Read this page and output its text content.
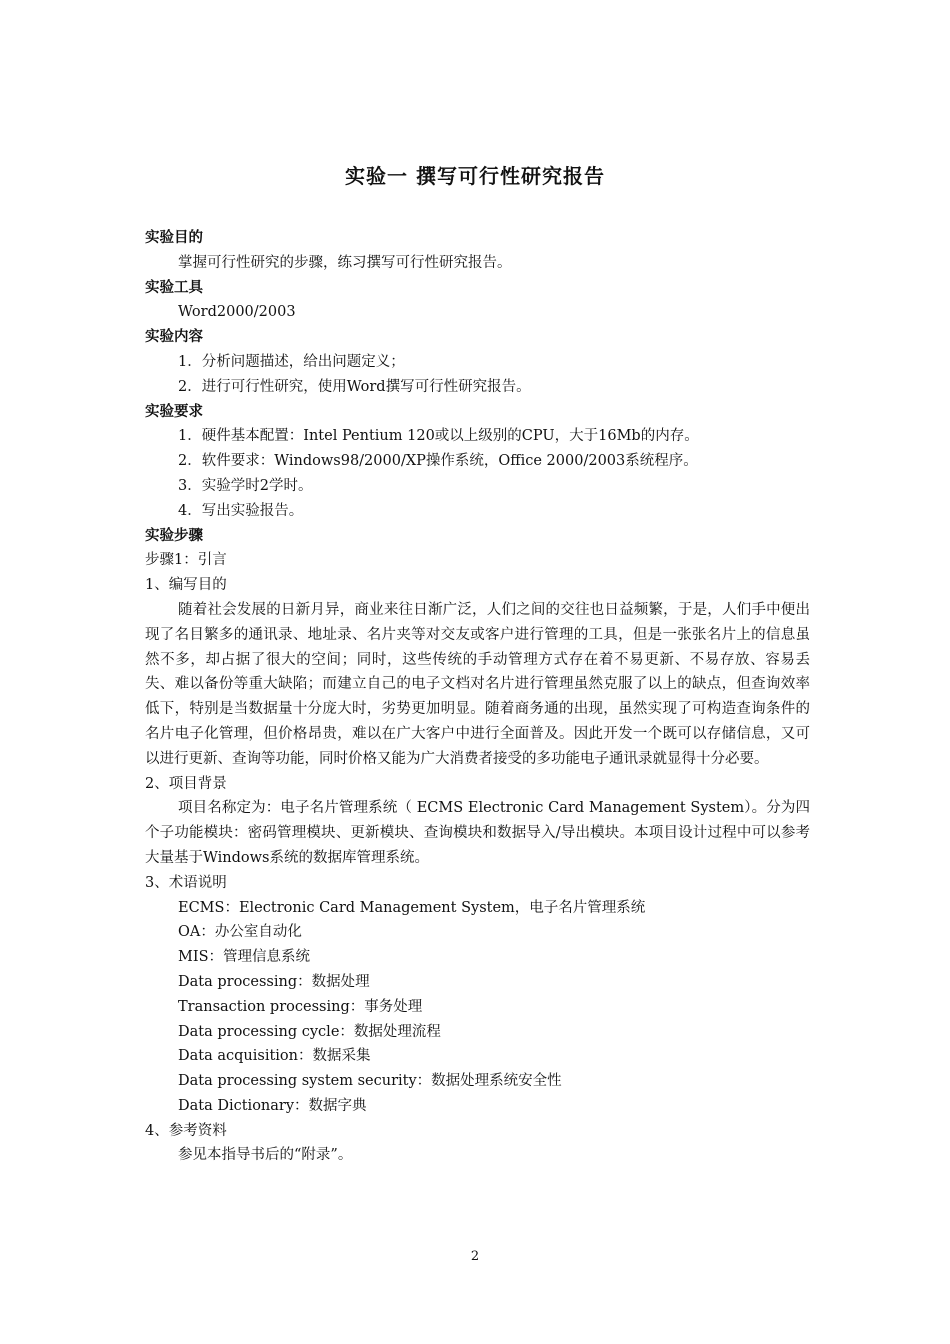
实验一 撰写可行性研究报告
实验目的
掌握可行性研究的步骤，练习撰写可行性研究报告。
实验工具
Word2000/2003
实验内容
1．分析问题描述，给出问题定义；
2．进行可行性研究，使用Word撰写可行性研究报告。
实验要求
1．硬件基本配置：Intel Pentium 120或以上级别的CPU，大于16Mb的内存。
2．软件要求：Windows98/2000/XP操作系统，Office 2000/2003系统程序。
3．实验学时2学时。
4．写出实验报告。
实验步骤
步骤1：引言
1、编写目的

随着社会发展的日新月异，商业来往日渐广泛，人们之间的交往也日益频繁，于是，人们手中便出现了名目繁多的通讯录、地址录、名片夹等对交友或客户进行管理的工具，但是一张张名片上的信息虽然不多，却占据了很大的空间；同时，这些传统的手动管理方式存在着不易更新、不易存放、容易丢失、难以备份等重大缺陷；而建立自己的电子文档对名片进行管理虽然克服了以上的缺点，但查询效率低下，特别是当数据量十分庞大时，劣势更加明显。随着商务通的出现，虽然实现了可构造查询条件的名片电子化管理，但价格昂贵，难以在广大客户中进行全面普及。因此开发一个既可以存储信息，又可以进行更新、查询等功能，同时价格又能为广大消费者接受的多功能电子通讯录就显得十分必要。

2、项目背景

项目名称定为：电子名片管理系统（ ECMS Electronic Card Management System）。分为四个子功能模块：密码管理模块、更新模块、查询模块和数据导入/导出模块。本项目设计过程中可以参考大量基于Windows系统的数据库管理系统。

3、术语说明
ECMS：Electronic Card Management System，电子名片管理系统
OA：办公室自动化
MIS：管理信息系统
Data processing：数据处理
Transaction processing：事务处理
Data processing cycle：数据处理流程
Data acquisition：数据采集
Data processing system security：数据处理系统安全性
Data Dictionary：数据字典
4、参考资料
参见本指导书后的“附录”。
2
